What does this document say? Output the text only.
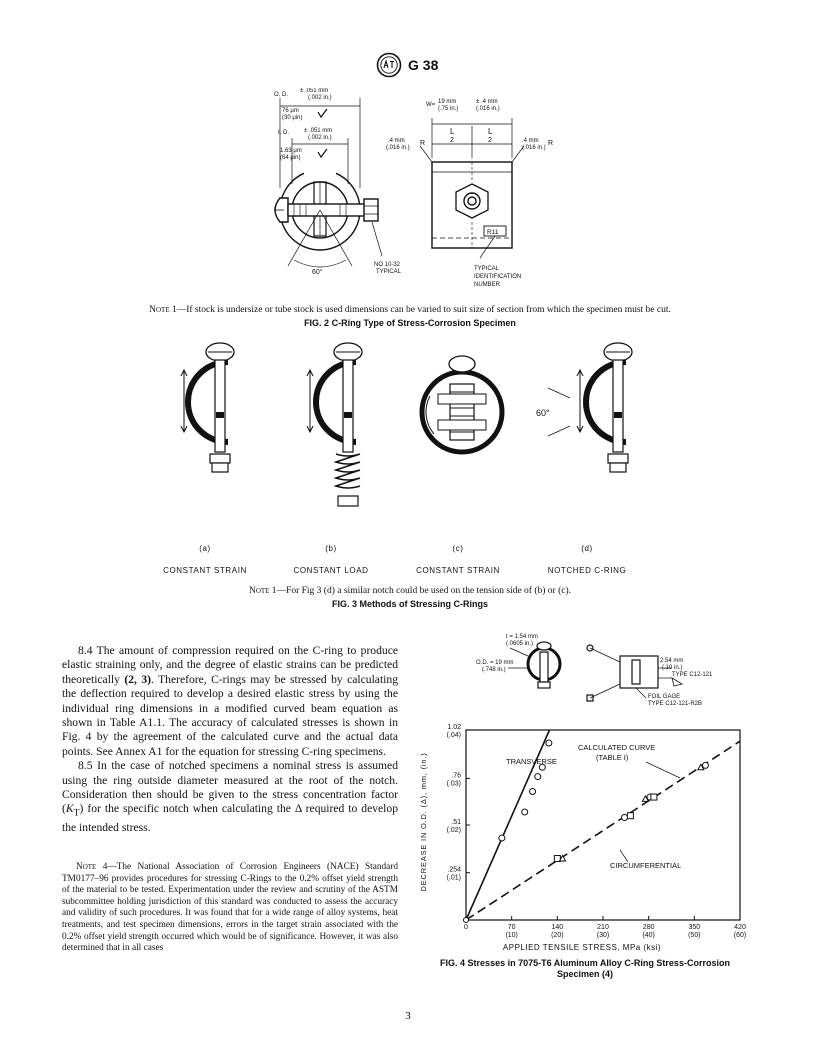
G 38
O. D.
± .051 mm
(.002 in.)
76 μm
(30 μin)
I. D. ± .051 mm
(.002 in.)
1.63 μm
(64 μin)
60°
NO 10-32
TYPICAL
W= 19 mm
(.75 in.)
± .4 mm
(.016 in.)
L
2
L
2
.4 mm
(.016 in.)
R	.4 mm
(.016 in.)
R
R11
TYPICAL
IDENTIFICATION
NUMBER
Note 1—If stock is undersize or tube stock is used dimensions can be varied to suit size of section from which the specimen must be cut.
FIG. 2 C-Ring Type of Stress-Corrosion Specimen
60°
(a)	(b)	(c)	(d)
CONSTANT STRAIN	CONSTANT LOAD	CONSTANT STRAIN	NOTCHED C-RING
Note 1—For Fig 3 (d) a similar notch could be used on the tension side of (b) or (c).
FIG. 3 Methods of Stressing C-Rings

8.4 The amount of compression required on the C-ring to produce elastic straining only, and the degree of elastic strains can be predicted theoretically (2, 3). Therefore, C-rings may be stressed by calculating the deflection required to develop a desired elastic stress by using the individual ring dimensions in a modified curved beam equation as shown in Table A1.1. The accuracy of calculated stresses is shown in Fig. 4 by the agreement of the calculated curve and the actual data points. See Annex A1 for the equation for stressing C-ring specimens.

8.5 In the case of notched specimens a nominal stress is assumed using the ring outside diameter measured at the root of the notch. Consideration then should be given to the stress concentration factor $(K_T)$ for the specific notch when calculating the Δ required to develop the intended stress.

Note 4—The National Association of Corrosion Engineers (NACE) Standard TM0177–96 provides procedures for stressing C-Rings to the 0.2% offset yield strength of the material to be tested. Experimentation under the review and scrutiny of the ASTM subcommittee holding jurisdiction of this standard was conducted to assess the accuracy and validity of such procedures. It was found that for a wide range of alloy systems, heat treatments, and test specimen dimensions, errors in the target strain associated with the 0.2% offset yield strength occurred which would be of significance. However, it was also determined that in all cases

t = 1.54 mm
(.0605 in.)
O.D. = 19 mm
(.748 in.)
2.54 mm
(.10 in.)
TYPE C12-121
FOIL GAGE
TYPE C12-121-R2B
0	70
(10)
140
(20)
210
(30)
280
(40)
350
(50)
420
(60)
.254
(.01)
.51
(.02)
.76
(.03)
1.02
(.04)
APPLIED TENSILE STRESS, MPa (ksi)
DECREASE IN O.D. (Δ), mm, (in.)	TRANSVERSE
CIRCUMFERENTIAL
CALCULATED CURVE
(TABLE I)
FIG. 4 Stresses in 7075-T6 Aluminum Alloy C-Ring Stress-Corrosion Specimen (4)
3
